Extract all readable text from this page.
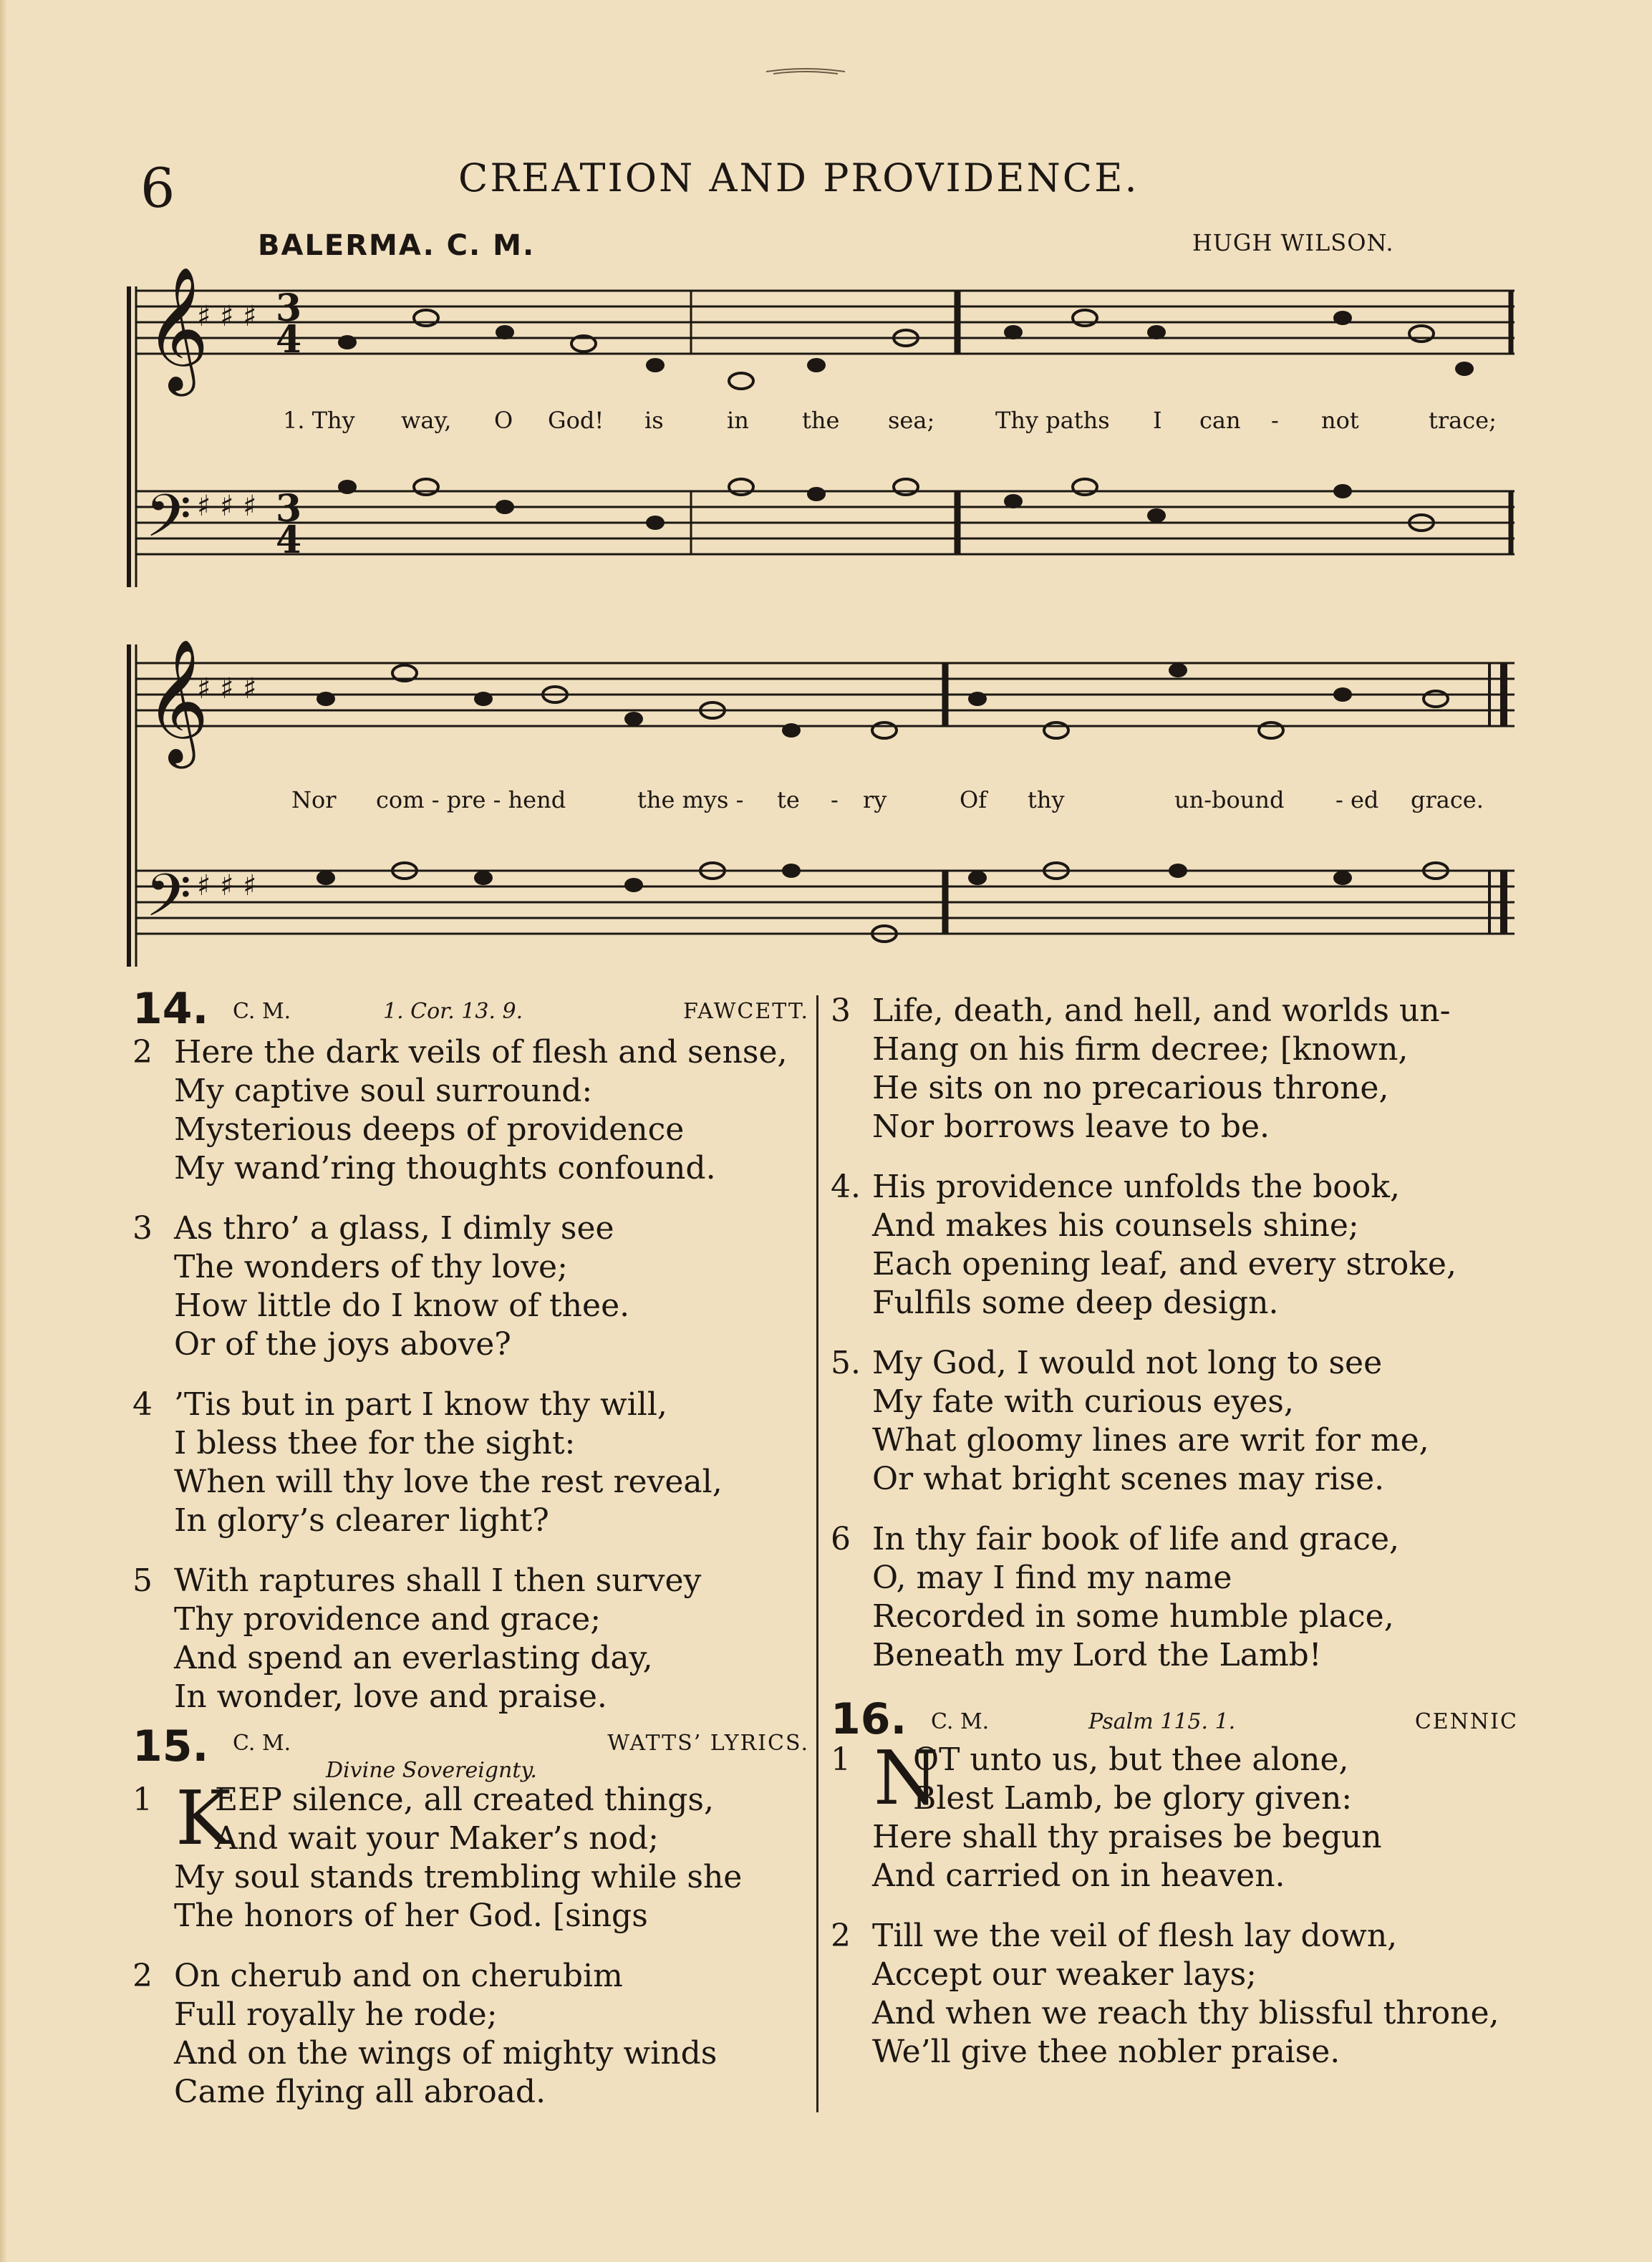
6	CREATION AND PROVIDENCE.
BALERMA. C. M.	HUGH WILSON.
𝄞
𝄢
♯ ♯ ♯
♯ ♯ ♯
3
4
3
4
1. Thy way, O God! is	in the sea;	Thy paths I can - not	trace;
𝄞
𝄢
♯ ♯ ♯
♯ ♯ ♯
Nor com - pre - hend	the mys - te - ry	Of thy	un-bound - ed grace.
14. C. M.	1. Cor. 13. 9.	FAWCETT.
2 Here the dark veils of flesh and sense,
My captive soul surround:
Mysterious deeps of providence
My wand’ring thoughts confound.
3 As thro’ a glass, I dimly see
The wonders of thy love;
How little do I know of thee.
Or of the joys above?
4 ’Tis but in part I know thy will,
I bless thee for the sight:
When will thy love the rest reveal,
In glory’s clearer light?
5 With raptures shall I then survey
Thy providence and grace;
And spend an everlasting day,
In wonder, love and praise.
15. C. M.	WATTS’ LYRICS.
Divine Sovereignty.
1 K
EEP silence, all created things,
And wait your Maker’s nod;
My soul stands trembling while she
The honors of her God. [sings
2 On cherub and on cherubim
Full royally he rode;
And on the wings of mighty winds
Came flying all abroad.
3 Life, death, and hell, and worlds un-
Hang on his firm decree; [known,
He sits on no precarious throne,
Nor borrows leave to be.
4. His providence unfolds the book,
And makes his counsels shine;
Each opening leaf, and every stroke,
Fulfils some deep design.
5. My God, I would not long to see
My fate with curious eyes,
What gloomy lines are writ for me,
Or what bright scenes may rise.
6 In thy fair book of life and grace,
O, may I find my name
Recorded in some humble place,
Beneath my Lord the Lamb!
16. C. M.	Psalm 115. 1.	CENNIC
1 N
OT unto us, but thee alone,
Blest Lamb, be glory given:
Here shall thy praises be begun
And carried on in heaven.
2 Till we the veil of flesh lay down,
Accept our weaker lays;
And when we reach thy blissful throne,
We’ll give thee nobler praise.
